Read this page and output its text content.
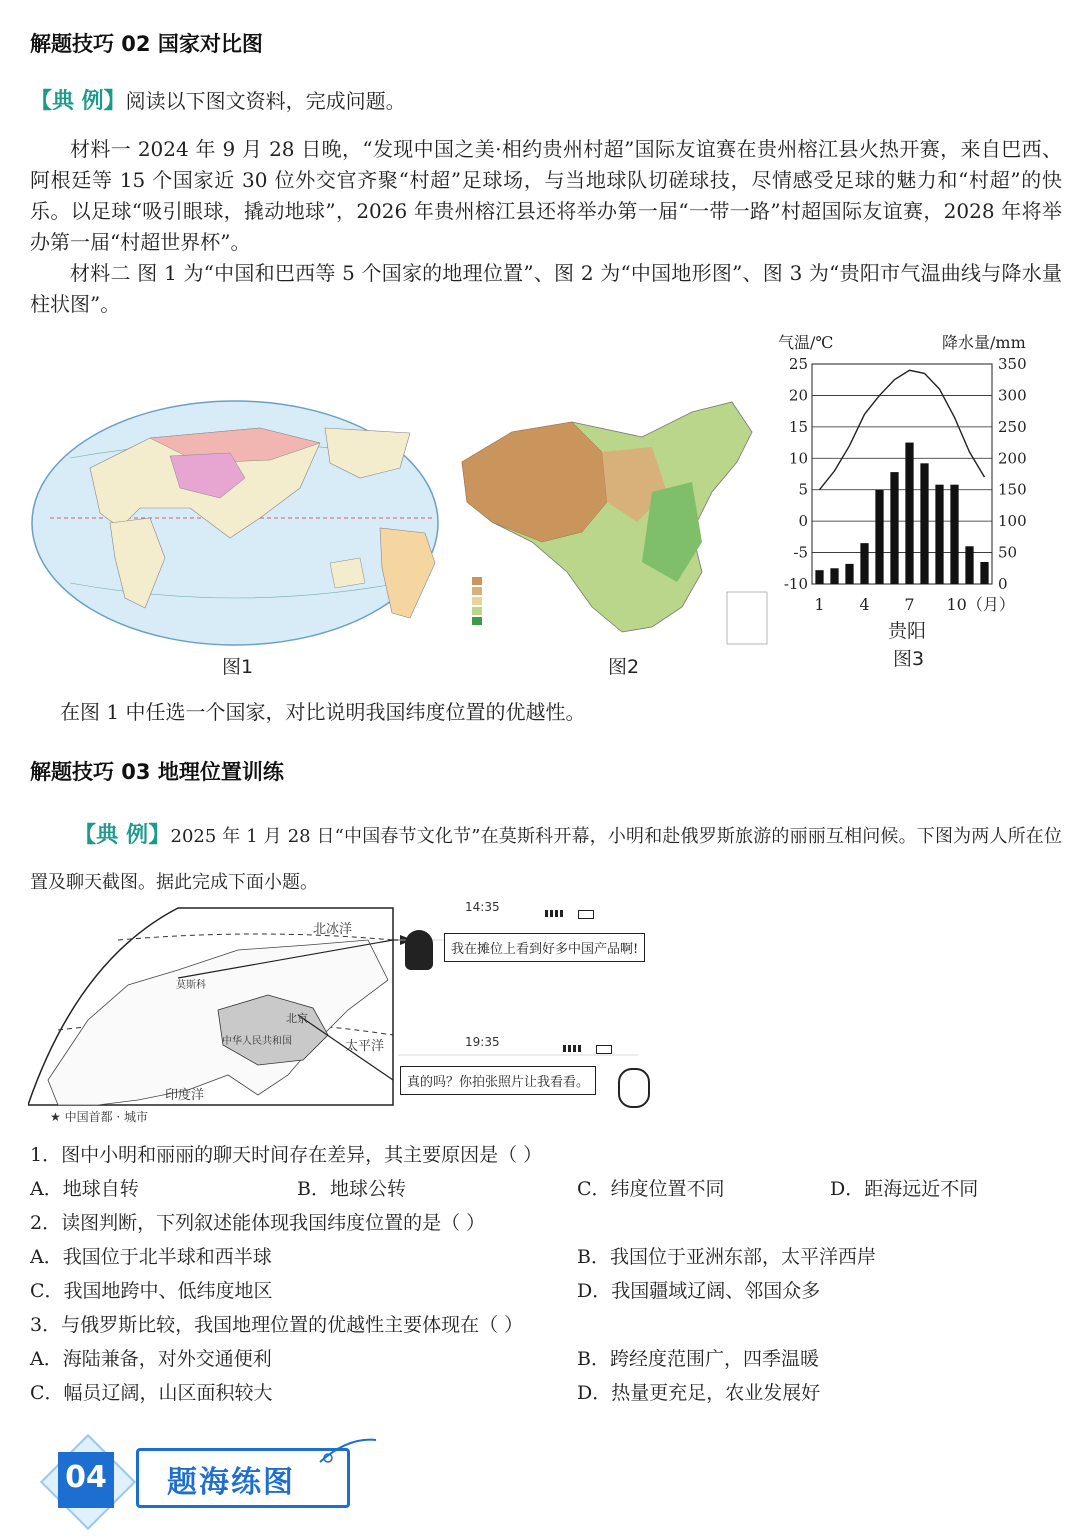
解题技巧 02 国家对比图
【典 例】阅读以下图文资料，完成问题。
材料一 2024 年 9 月 28 日晚，“发现中国之美·相约贵州村超”国际友谊赛在贵州榕江县火热开赛，来自巴西、阿根廷等 15 个国家近 30 位外交官齐聚“村超”足球场，与当地球队切磋球技，尽情感受足球的魅力和“村超”的快乐。以足球“吸引眼球，撬动地球”，2026 年贵州榕江县还将举办第一届“一带一路”村超国际友谊赛，2028 年将举办第一届“村超世界杯”。
材料二 图 1 为“中国和巴西等 5 个国家的地理位置”、图 2 为“中国地形图”、图 3 为“贵阳市气温曲线与降水量柱状图”。
图1	图2
气温/℃	降水量/mm
25
20
15
10
5
0
-5
-10
350
300
250
200
150
100
50
0
1 4 7 10（月）
贵阳
图3
在图 1 中任选一个国家，对比说明我国纬度位置的优越性。
解题技巧 03 地理位置训练
【典 例】2025 年 1 月 28 日“中国春节文化节”在莫斯科开幕，小明和赴俄罗斯旅游的丽丽互相问候。下图为两人所在位置及聊天截图。据此完成下面小题。
北冰洋
莫斯科
北京
中华人民共和国	太平洋
印度洋
★ 中国首都 · 城市
14:35
我在摊位上看到好多中国产品啊!
19:35
真的吗？你拍张照片让我看看。
1．图中小明和丽丽的聊天时间存在差异，其主要原因是（ ）
A．地球自转	B．地球公转	C．纬度位置不同	D．距海远近不同
2．读图判断，下列叙述能体现我国纬度位置的是（ ）
A．我国位于北半球和西半球	B．我国位于亚洲东部，太平洋西岸
C．我国地跨中、低纬度地区	D．我国疆域辽阔、邻国众多
3．与俄罗斯比较，我国地理位置的优越性主要体现在（ ）
A．海陆兼备，对外交通便利	B．跨经度范围广，四季温暖
C．幅员辽阔，山区面积较大	D．热量更充足，农业发展好
04	题海练图
